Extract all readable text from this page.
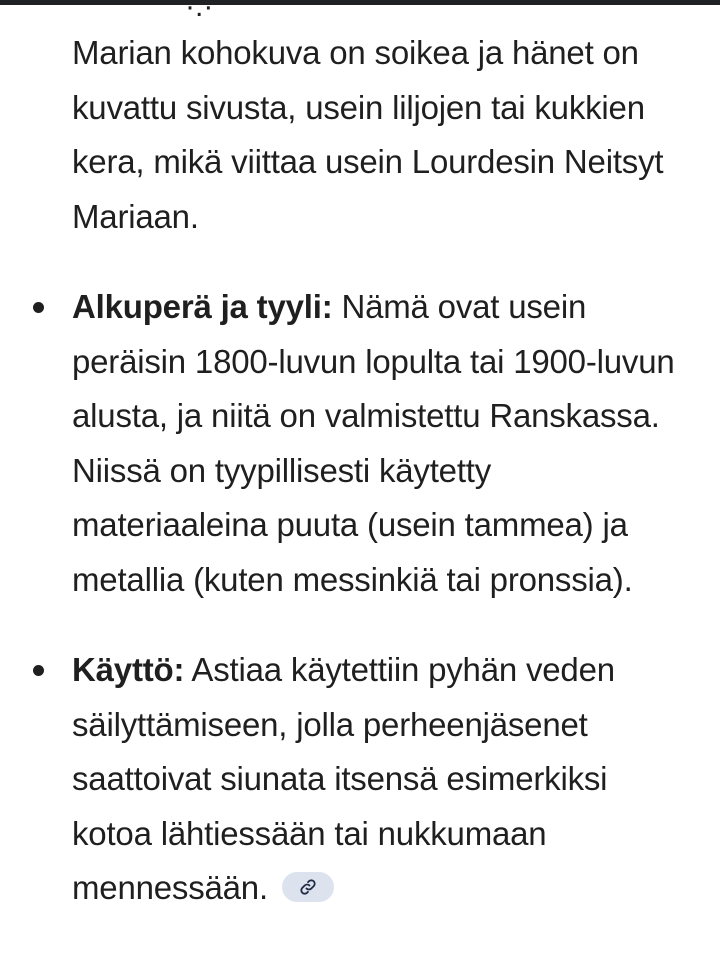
·.·

Marian kohokuva on soikea ja hänet on kuvattu sivusta, usein liljojen tai kukkien kera, mikä viittaa usein Lourdesin Neitsyt Mariaan.

Alkuperä ja tyyli: Nämä ovat usein peräisin 1800-luvun lopulta tai 1900-luvun alusta, ja niitä on valmistettu Ranskassa. Niissä on tyypillisesti käytetty materiaaleina puuta (usein tammea) ja metallia (kuten messinkiä tai pronssia).
Käyttö: Astiaa käytettiin pyhän veden säilyttämiseen, jolla perheenjäsenet saattoivat siunata itsensä esimerkiksi kotoa lähtiessään tai nukkumaan mennessään.
